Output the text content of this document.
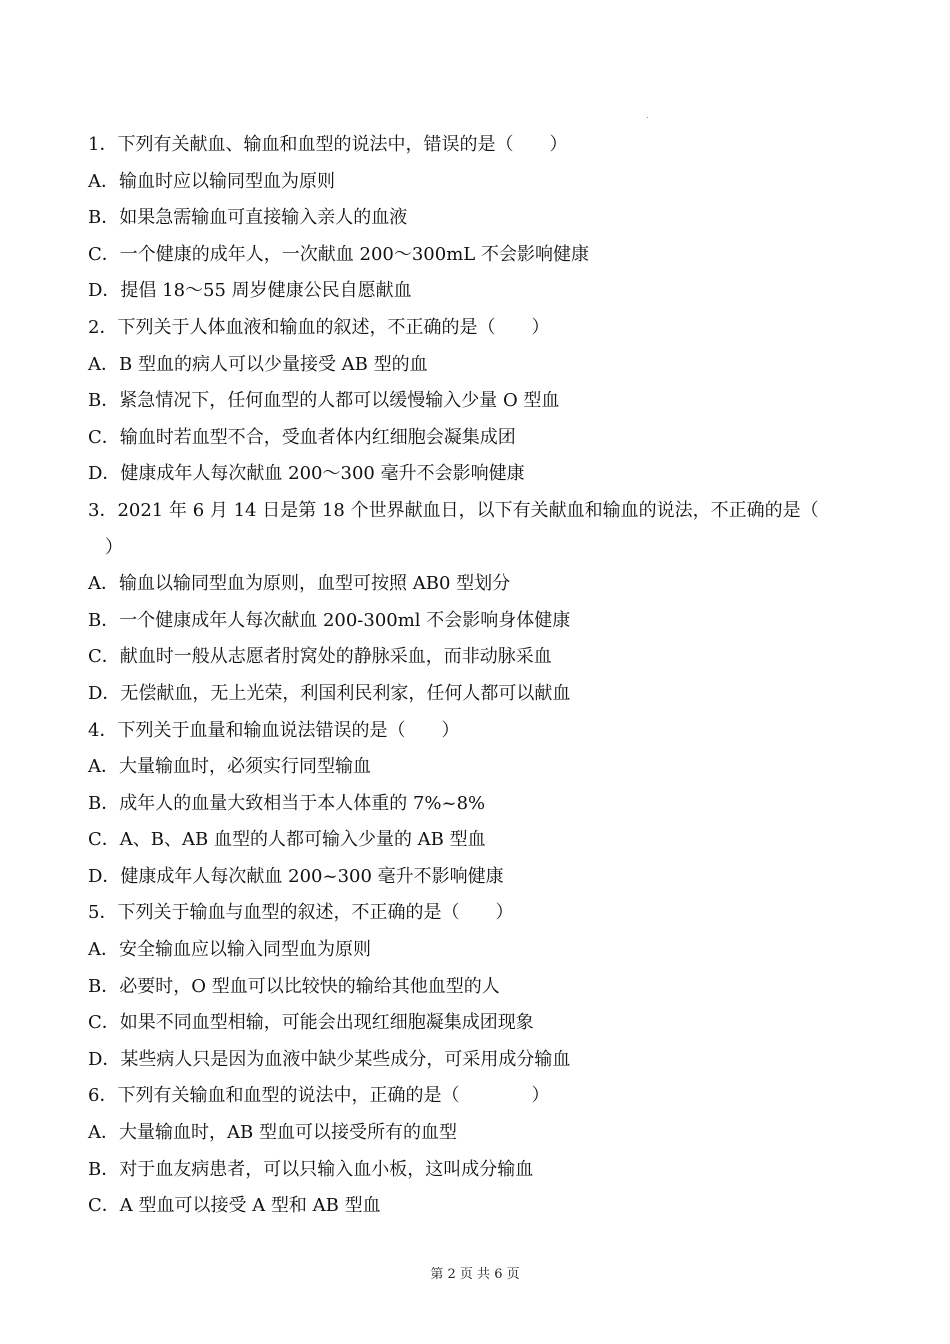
.
1．下列有关献血、输血和血型的说法中，错误的是（　　）
A．输血时应以输同型血为原则
B．如果急需输血可直接输入亲人的血液
C．一个健康的成年人，一次献血 200～300mL 不会影响健康
D．提倡 18～55 周岁健康公民自愿献血
2．下列关于人体血液和输血的叙述，不正确的是（　　）
A．B 型血的病人可以少量接受 AB 型的血
B．紧急情况下，任何血型的人都可以缓慢输入少量 O 型血
C．输血时若血型不合，受血者体内红细胞会凝集成团
D．健康成年人每次献血 200～300 毫升不会影响健康
3．2021 年 6 月 14 日是第 18 个世界献血日，以下有关献血和输血的说法，不正确的是（
）
A．输血以输同型血为原则，血型可按照 AB0 型划分
B．一个健康成年人每次献血 200-300ml 不会影响身体健康
C．献血时一般从志愿者肘窝处的静脉采血，而非动脉采血
D．无偿献血，无上光荣，利国利民利家，任何人都可以献血
4．下列关于血量和输血说法错误的是（　　）
A．大量输血时，必须实行同型输血
B．成年人的血量大致相当于本人体重的 7%~8%
C．A、B、AB 血型的人都可输入少量的 AB 型血
D．健康成年人每次献血 200~300 毫升不影响健康
5．下列关于输血与血型的叙述，不正确的是（　　）
A．安全输血应以输入同型血为原则
B．必要时，O 型血可以比较快的输给其他血型的人
C．如果不同血型相输，可能会出现红细胞凝集成团现象
D．某些病人只是因为血液中缺少某些成分，可采用成分输血
6．下列有关输血和血型的说法中，正确的是（　　　　）
A．大量输血时，AB 型血可以接受所有的血型
B．对于血友病患者，可以只输入血小板，这叫成分输血
C．A 型血可以接受 A 型和 AB 型血
第 2 页 共 6 页
